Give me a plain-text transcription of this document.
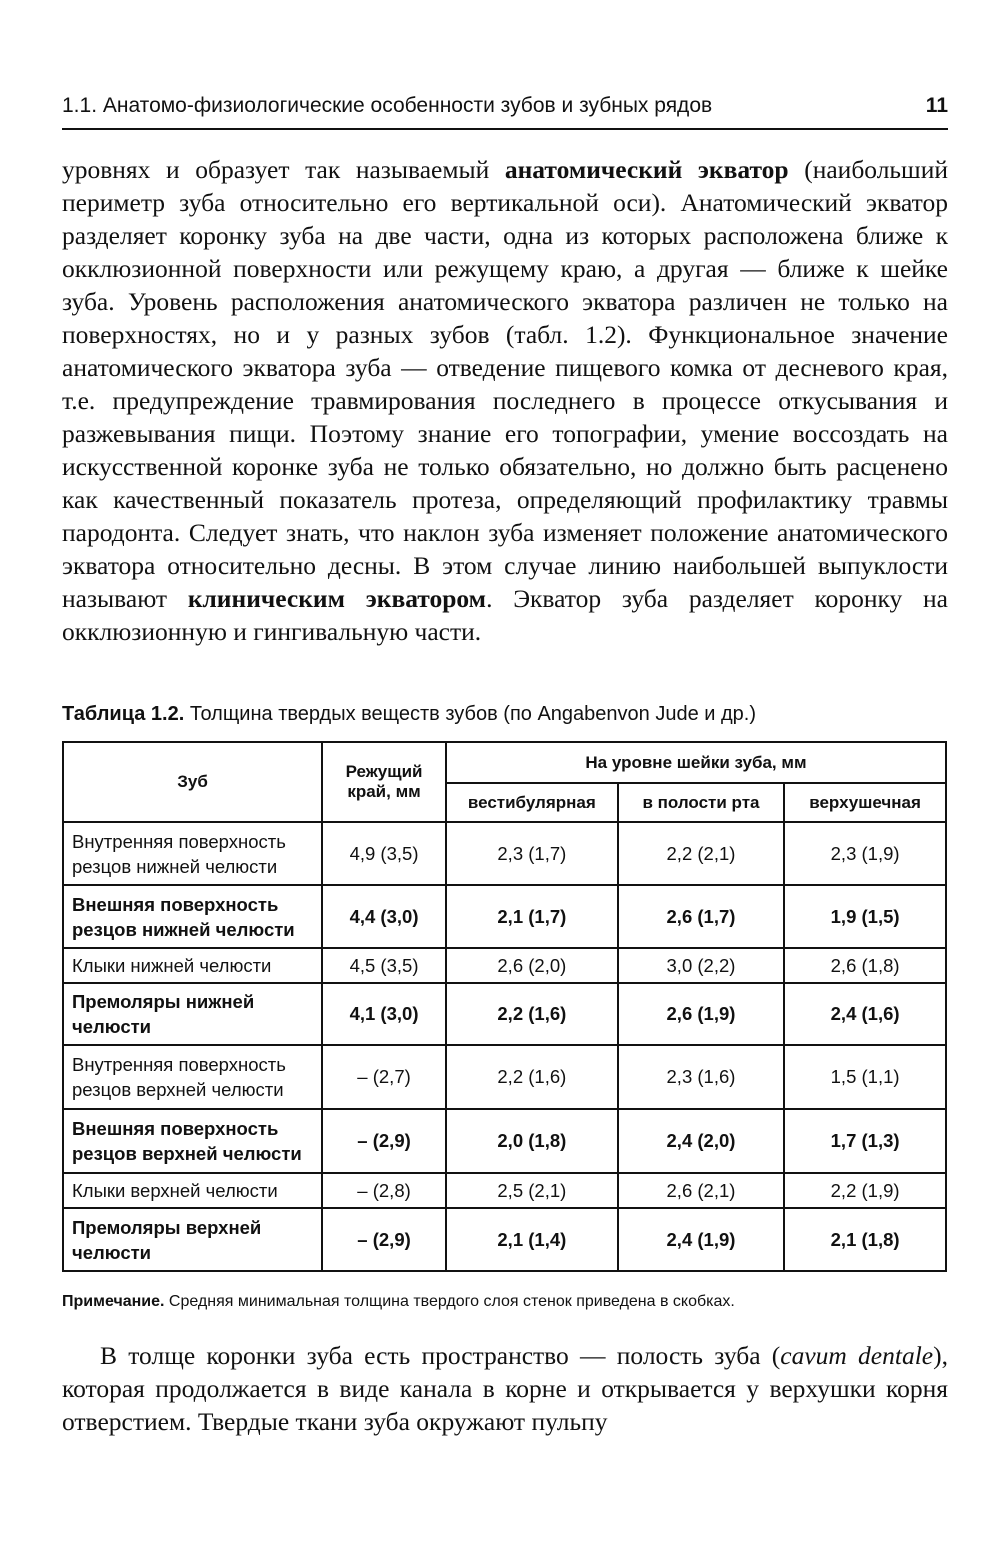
1.1. Анатомо-физиологические особенности зубов и зубных рядов	11

уровнях и образует так называемый анатомический экватор (наибольший периметр зуба относительно его вертикальной оси). Анатомический экватор разделяет коронку зуба на две части, одна из которых расположена ближе к окклюзионной поверхности или режущему краю, а другая — ближе к шейке зуба. Уровень расположения анатомического экватора различен не только на поверхностях, но и у разных зубов (табл. 1.2). Функциональное значение анатомического экватора зуба — отведение пищевого комка от десневого края, т.е. предупреждение травмирования последнего в процессе откусывания и разжевывания пищи. Поэтому знание его топографии, умение воссоздать на искусственной коронке зуба не только обязательно, но должно быть расценено как качественный показатель протеза, определяющий профилактику травмы пародонта. Следует знать, что наклон зуба изменяет положение анатомического экватора относительно десны. В этом случае линию наибольшей выпуклости называют клиническим экватором. Экватор зуба разделяет коронку на окклюзионную и гингивальную части.

Таблица 1.2. Толщина твердых веществ зубов (по Angabenvon Jude и др.)
Зуб	Режущий край, мм	На уровне шейки зуба, мм		
		вестибулярная	в полости рта	верхушечная
Внутренняя поверхность резцов нижней челюсти	4,9 (3,5)	2,3 (1,7)	2,2 (2,1)	2,3 (1,9)
Внешняя поверхность резцов нижней челюсти	4,4 (3,0)	2,1 (1,7)	2,6 (1,7)	1,9 (1,5)
Клыки нижней челюсти	4,5 (3,5)	2,6 (2,0)	3,0 (2,2)	2,6 (1,8)
Премоляры нижней челюсти	4,1 (3,0)	2,2 (1,6)	2,6 (1,9)	2,4 (1,6)
Внутренняя поверхность резцов верхней челюсти	– (2,7)	2,2 (1,6)	2,3 (1,6)	1,5 (1,1)
Внешняя поверхность резцов верхней челюсти	– (2,9)	2,0 (1,8)	2,4 (2,0)	1,7 (1,3)
Клыки верхней челюсти	– (2,8)	2,5 (2,1)	2,6 (2,1)	2,2 (1,9)
Премоляры верхней челюсти	– (2,9)	2,1 (1,4)	2,4 (1,9)	2,1 (1,8)
Примечание. Средняя минимальная толщина твердого слоя стенок приведена в скобках.

В толще коронки зуба есть пространство — полость зуба (cavum dentale), которая продолжается в виде канала в корне и открывается у верхушки корня отверстием. Твердые ткани зуба окружают пульпу
